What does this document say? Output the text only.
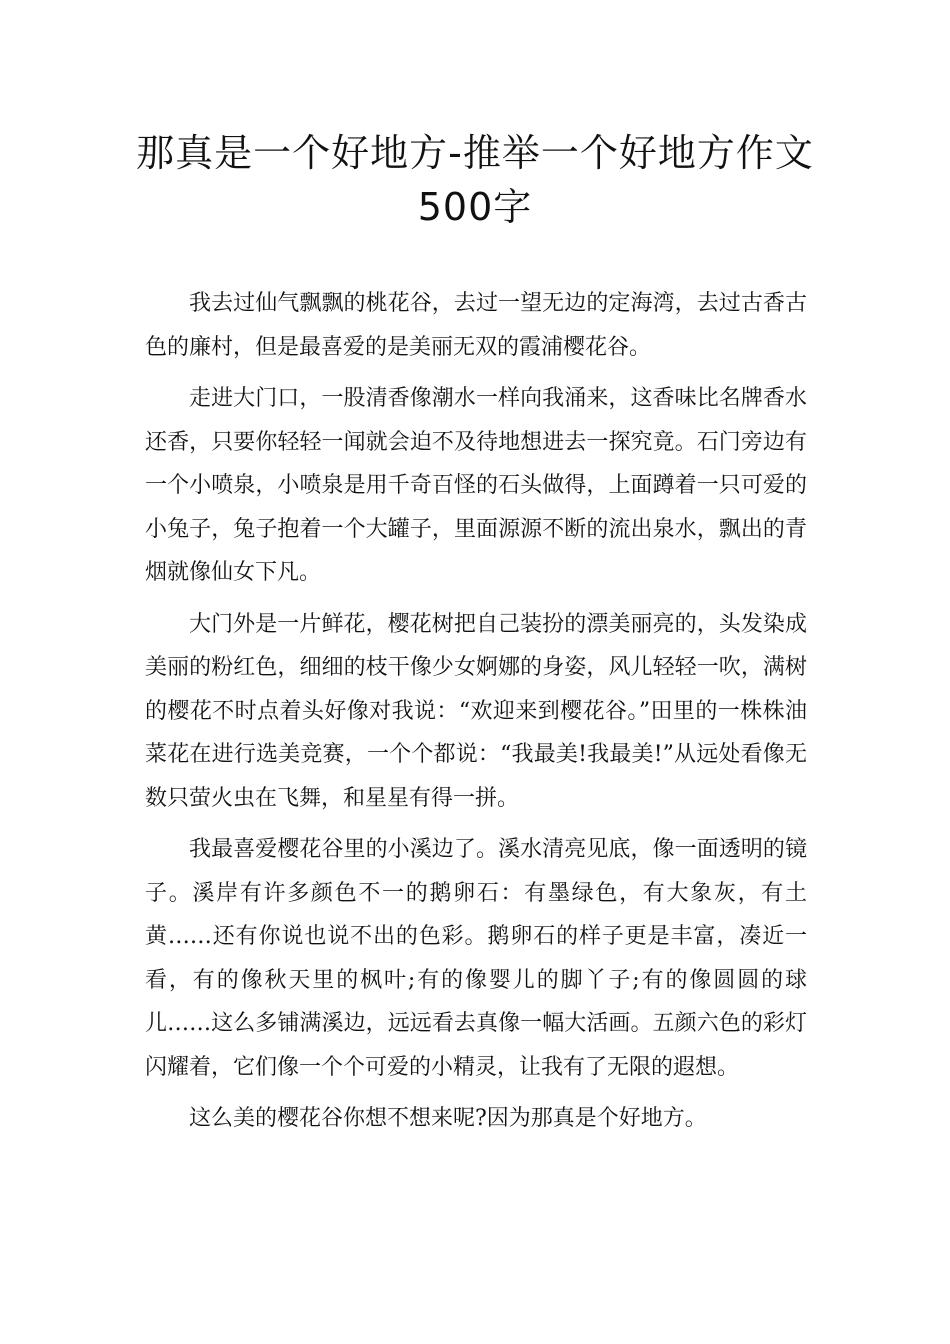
那真是一个好地方-推举一个好地方作文500字

我去过仙气飘飘的桃花谷，去过一望无边的定海湾，去过古香古色的廉村，但是最喜爱的是美丽无双的霞浦樱花谷。

走进大门口，一股清香像潮水一样向我涌来，这香味比名牌香水还香，只要你轻轻一闻就会迫不及待地想进去一探究竟。石门旁边有一个小喷泉，小喷泉是用千奇百怪的石头做得，上面蹲着一只可爱的小兔子，兔子抱着一个大罐子，里面源源不断的流出泉水，飘出的青烟就像仙女下凡。

大门外是一片鲜花，樱花树把自己装扮的漂美丽亮的，头发染成美丽的粉红色，细细的枝干像少女婀娜的身姿，风儿轻轻一吹，满树的樱花不时点着头好像对我说：“欢迎来到樱花谷。”田里的一株株油菜花在进行选美竞赛，一个个都说：“我最美!我最美!”从远处看像无数只萤火虫在飞舞，和星星有得一拼。

我最喜爱樱花谷里的小溪边了。溪水清亮见底，像一面透明的镜子。溪岸有许多颜色不一的鹅卵石：有墨绿色，有大象灰，有土黄……还有你说也说不出的色彩。鹅卵石的样子更是丰富，凑近一看，有的像秋天里的枫叶;有的像婴儿的脚丫子;有的像圆圆的球儿……这么多铺满溪边，远远看去真像一幅大活画。五颜六色的彩灯闪耀着，它们像一个个可爱的小精灵，让我有了无限的遐想。

这么美的樱花谷你想不想来呢?因为那真是个好地方。
